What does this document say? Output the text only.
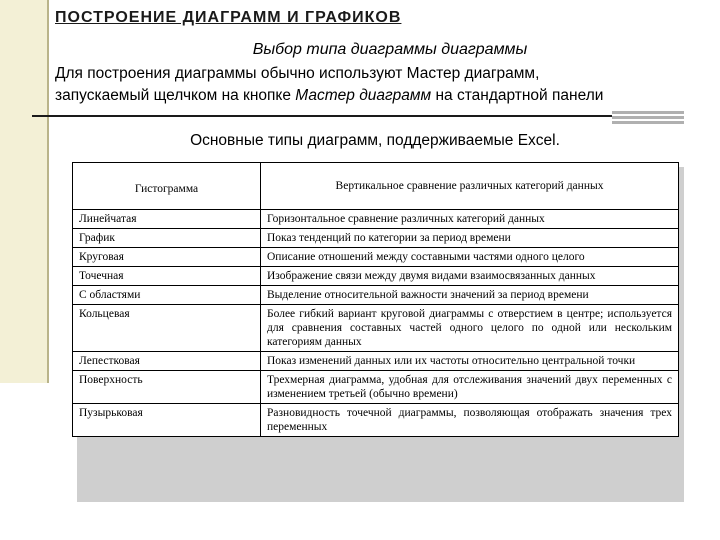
ПОСТРОЕНИЕ ДИАГРАММ И ГРАФИКОВ
Выбор типа диаграммы диаграммы
Для построения диаграммы обычно используют Мастер диаграмм,
запускаемый щелчком на кнопке Мастер диаграмм на стандартной панели
Основные типы диаграмм, поддерживаемые Excel.
Гистограмма	Вертикальное сравнение различных категорий данных
Линейчатая	Горизонтальное сравнение различных категорий данных
График	Показ тенденций по категории за период времени
Круговая	Описание отношений между составными частями одного целого
Точечная	Изображение связи между двумя видами взаимосвязанных данных
С областями	Выделение относительной важности значений за период времени
Кольцевая	Более гибкий вариант круговой диаграммы с отверстием в центре; используется для сравнения составных частей одного целого по одной или нескольким категориям данных
Лепестковая	Показ изменений данных или их частоты относительно центральной точки
Поверхность	Трехмерная диаграмма, удобная для отслеживания значений двух переменных с изменением третьей (обычно времени)
Пузырьковая	Разновидность точечной диаграммы, позволяющая отображать значения трех переменных
